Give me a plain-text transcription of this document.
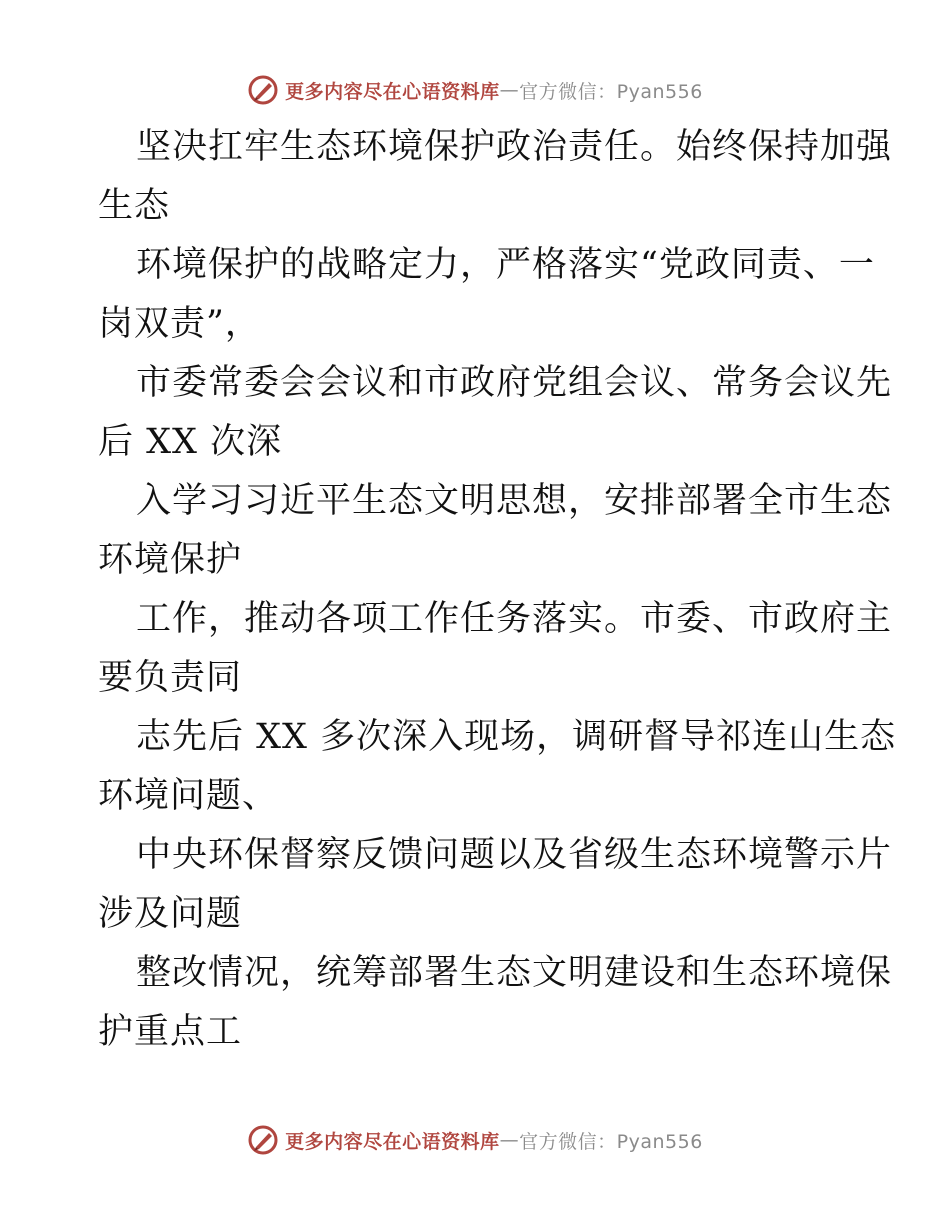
更多内容尽在心语资料库 — 官方微信：Pyan556
坚决扛牢生态环境保护政治责任。始终保持加强
生态
环境保护的战略定力，严格落实“党政同责、一
岗双责”，
市委常委会会议和市政府党组会议、常务会议先
后 XX 次深
入学习习近平生态文明思想，安排部署全市生态
环境保护
工作，推动各项工作任务落实。市委、市政府主
要负责同
志先后 XX 多次深入现场，调研督导祁连山生态
环境问题、
中央环保督察反馈问题以及省级生态环境警示片
涉及问题
整改情况，统筹部署生态文明建设和生态环境保
护重点工
更多内容尽在心语资料库 — 官方微信：Pyan556
